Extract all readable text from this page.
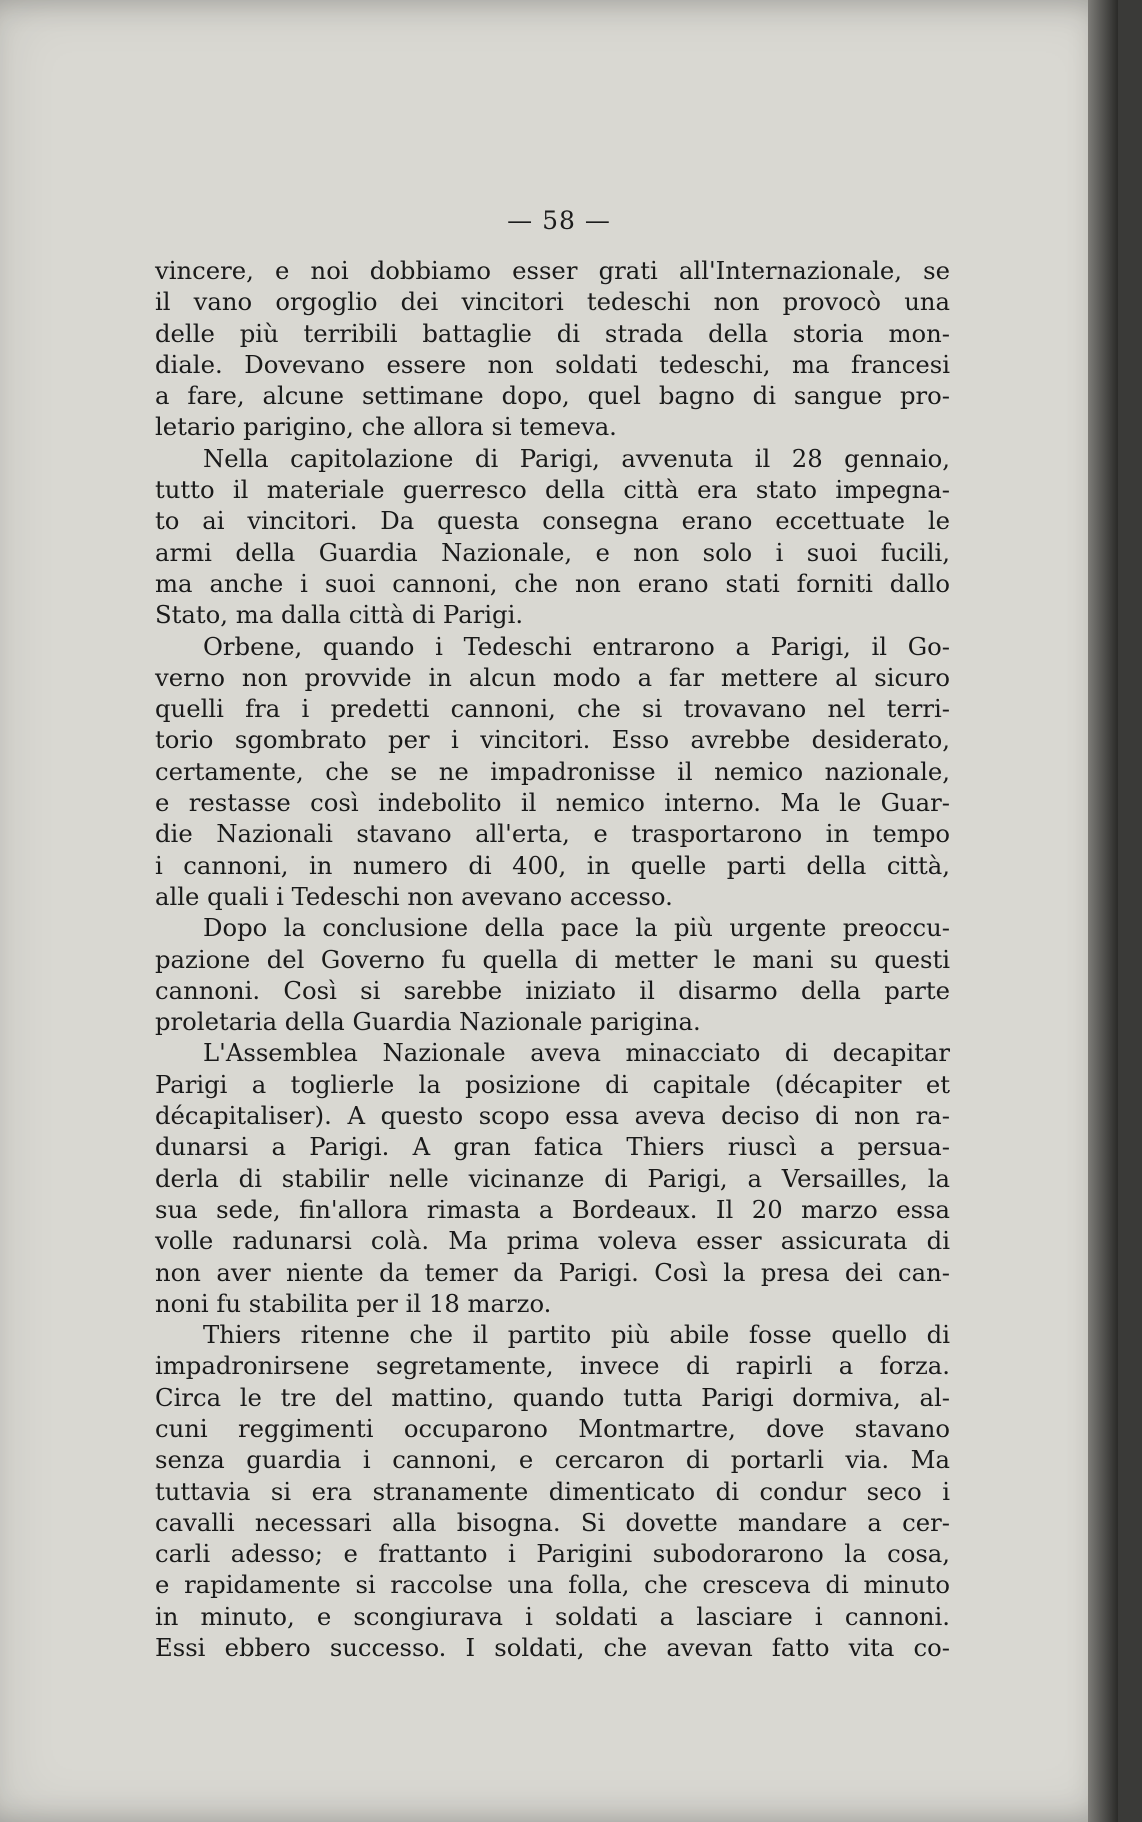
— 58 —
vincere, e noi dobbiamo esser grati all'Internazionale, se
il vano orgoglio dei vincitori tedeschi non provocò una
delle più terribili battaglie di strada della storia mon-
diale. Dovevano essere non soldati tedeschi, ma francesi
a fare, alcune settimane dopo, quel bagno di sangue pro-
letario parigino, che allora si temeva.
Nella capitolazione di Parigi, avvenuta il 28 gennaio,
tutto il materiale guerresco della città era stato impegna-
to ai vincitori. Da questa consegna erano eccettuate le
armi della Guardia Nazionale, e non solo i suoi fucili,
ma anche i suoi cannoni, che non erano stati forniti dallo
Stato, ma dalla città di Parigi.
Orbene, quando i Tedeschi entrarono a Parigi, il Go-
verno non provvide in alcun modo a far mettere al sicuro
quelli fra i predetti cannoni, che si trovavano nel terri-
torio sgombrato per i vincitori. Esso avrebbe desiderato,
certamente, che se ne impadronisse il nemico nazionale,
e restasse così indebolito il nemico interno. Ma le Guar-
die Nazionali stavano all'erta, e trasportarono in tempo
i cannoni, in numero di 400, in quelle parti della città,
alle quali i Tedeschi non avevano accesso.
Dopo la conclusione della pace la più urgente preoccu-
pazione del Governo fu quella di metter le mani su questi
cannoni. Così si sarebbe iniziato il disarmo della parte
proletaria della Guardia Nazionale parigina.
L'Assemblea Nazionale aveva minacciato di decapitar
Parigi a toglierle la posizione di capitale (décapiter et
décapitaliser). A questo scopo essa aveva deciso di non ra-
dunarsi a Parigi. A gran fatica Thiers riuscì a persua-
derla di stabilir nelle vicinanze di Parigi, a Versailles, la
sua sede, fin'allora rimasta a Bordeaux. Il 20 marzo essa
volle radunarsi colà. Ma prima voleva esser assicurata di
non aver niente da temer da Parigi. Così la presa dei can-
noni fu stabilita per il 18 marzo.
Thiers ritenne che il partito più abile fosse quello di
impadronirsene segretamente, invece di rapirli a forza.
Circa le tre del mattino, quando tutta Parigi dormiva, al-
cuni reggimenti occuparono Montmartre, dove stavano
senza guardia i cannoni, e cercaron di portarli via. Ma
tuttavia si era stranamente dimenticato di condur seco i
cavalli necessari alla bisogna. Si dovette mandare a cer-
carli adesso; e frattanto i Parigini subodorarono la cosa,
e rapidamente si raccolse una folla, che cresceva di minuto
in minuto, e scongiurava i soldati a lasciare i cannoni.
Essi ebbero successo. I soldati, che avevan fatto vita co-
